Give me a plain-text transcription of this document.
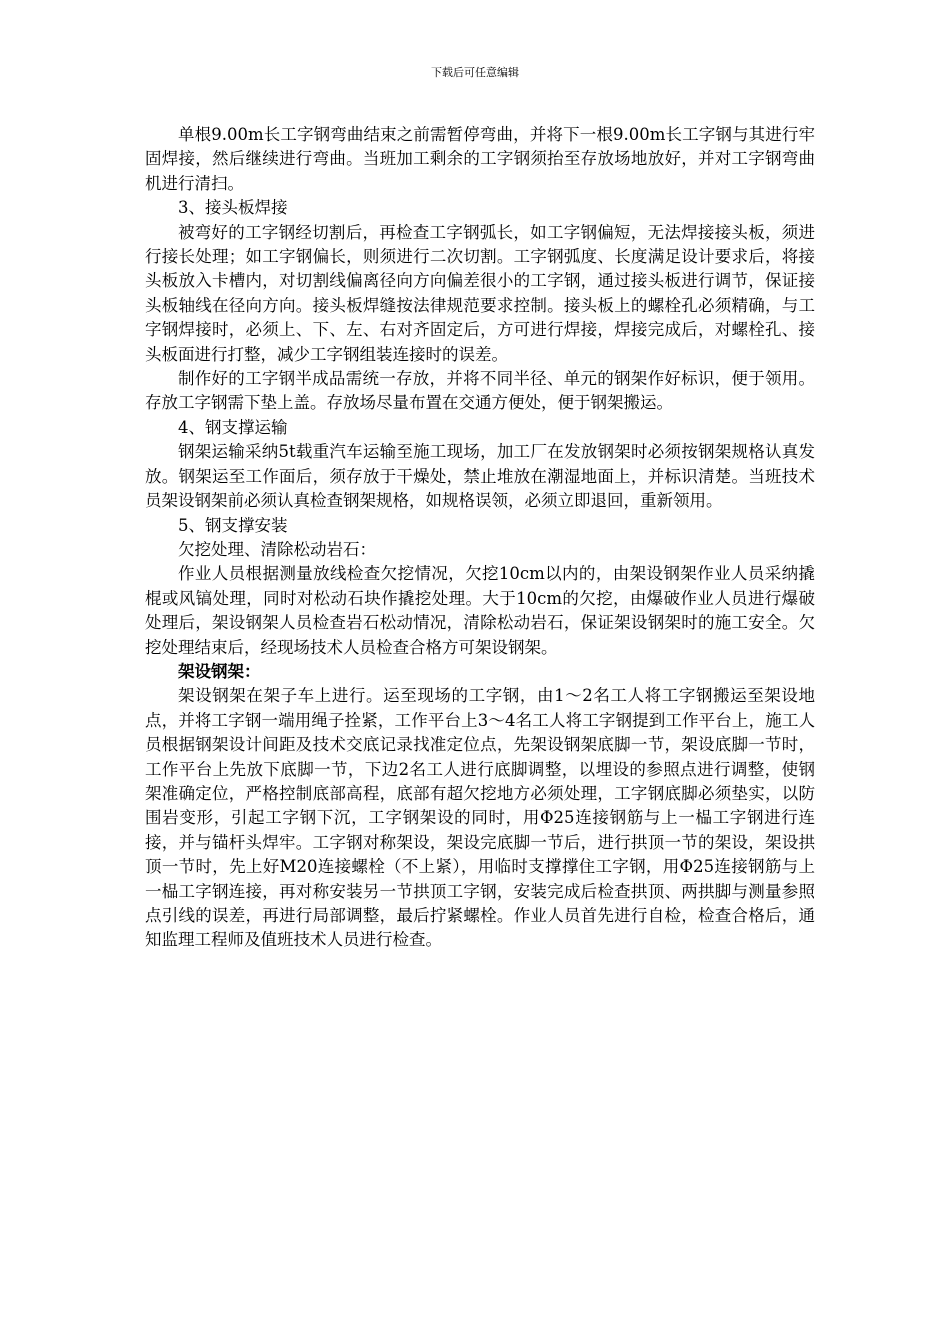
下载后可任意编辑

单根9.00m长工字钢弯曲结束之前需暂停弯曲，并将下一根9.00m长工字钢与其进行牢固焊接，然后继续进行弯曲。当班加工剩余的工字钢须抬至存放场地放好，并对工字钢弯曲机进行清扫。

3、接头板焊接

被弯好的工字钢经切割后，再检查工字钢弧长，如工字钢偏短，无法焊接接头板，须进行接长处理；如工字钢偏长，则须进行二次切割。工字钢弧度、长度满足设计要求后，将接头板放入卡槽内，对切割线偏离径向方向偏差很小的工字钢，通过接头板进行调节，保证接头板轴线在径向方向。接头板焊缝按法律规范要求控制。接头板上的螺栓孔必须精确，与工字钢焊接时，必须上、下、左、右对齐固定后，方可进行焊接，焊接完成后，对螺栓孔、接头板面进行打整，减少工字钢组装连接时的误差。

制作好的工字钢半成品需统一存放，并将不同半径、单元的钢架作好标识，便于领用。存放工字钢需下垫上盖。存放场尽量布置在交通方便处，便于钢架搬运。

4、钢支撑运输

钢架运输采纳5t载重汽车运输至施工现场，加工厂在发放钢架时必须按钢架规格认真发放。钢架运至工作面后，须存放于干燥处，禁止堆放在潮湿地面上，并标识清楚。当班技术员架设钢架前必须认真检查钢架规格，如规格误领，必须立即退回，重新领用。

5、钢支撑安装

欠挖处理、清除松动岩石：

作业人员根据测量放线检查欠挖情况，欠挖10cm以内的，由架设钢架作业人员采纳撬棍或风镐处理，同时对松动石块作撬挖处理。大于10cm的欠挖，由爆破作业人员进行爆破处理后，架设钢架人员检查岩石松动情况，清除松动岩石，保证架设钢架时的施工安全。欠挖处理结束后，经现场技术人员检查合格方可架设钢架。

架设钢架：

架设钢架在架子车上进行。运至现场的工字钢，由1～2名工人将工字钢搬运至架设地点，并将工字钢一端用绳子拴紧，工作平台上3～4名工人将工字钢提到工作平台上，施工人员根据钢架设计间距及技术交底记录找准定位点，先架设钢架底脚一节，架设底脚一节时，工作平台上先放下底脚一节，下边2名工人进行底脚调整，以埋设的参照点进行调整，使钢架准确定位，严格控制底部高程，底部有超欠挖地方必须处理，工字钢底脚必须垫实，以防围岩变形，引起工字钢下沉，工字钢架设的同时，用Φ25连接钢筋与上一榀工字钢进行连接，并与锚杆头焊牢。工字钢对称架设，架设完底脚一节后，进行拱顶一节的架设，架设拱顶一节时，先上好M20连接螺栓（不上紧），用临时支撑撑住工字钢，用Φ25连接钢筋与上一榀工字钢连接，再对称安装另一节拱顶工字钢，安装完成后检查拱顶、两拱脚与测量参照点引线的误差，再进行局部调整，最后拧紧螺栓。作业人员首先进行自检，检查合格后，通知监理工程师及值班技术人员进行检查。
